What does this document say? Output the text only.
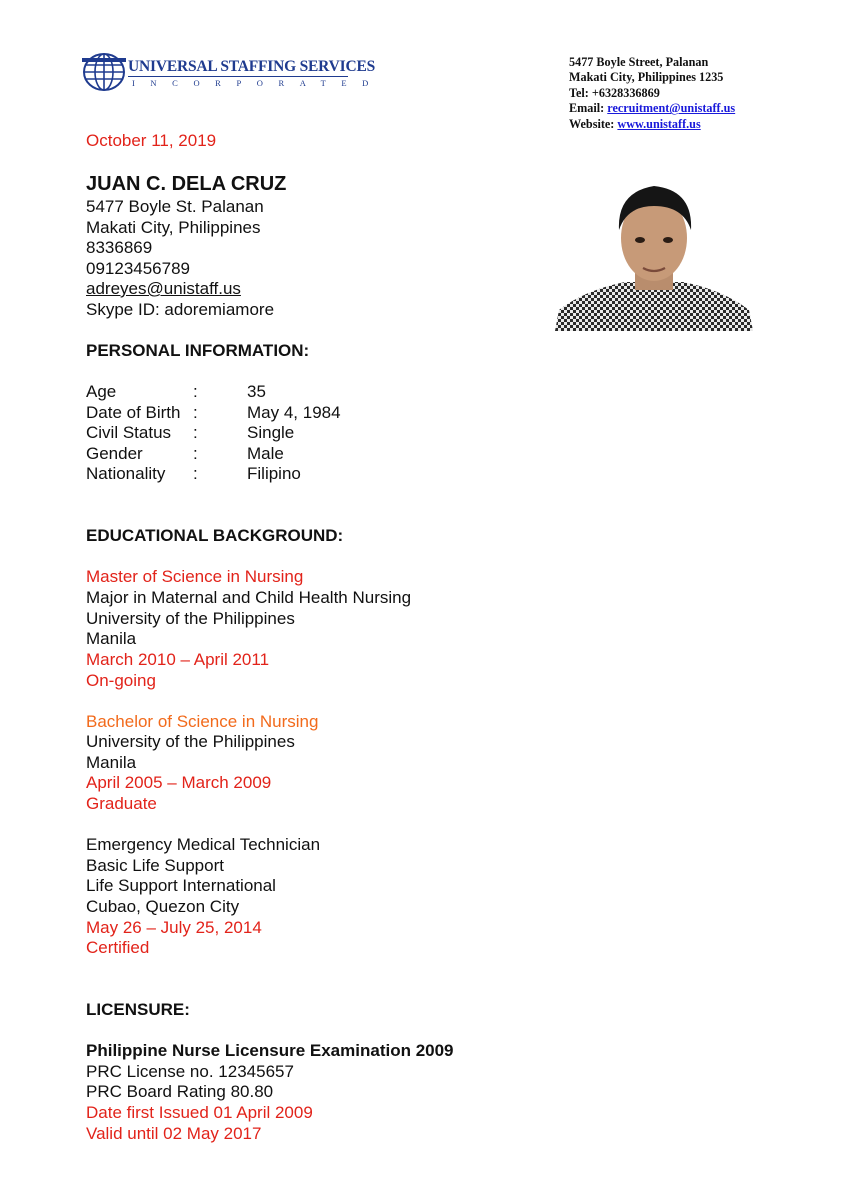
UNIVERSAL STAFFING SERVICES
INCORPORATED
5477 Boyle Street, Palanan
Makati City, Philippines 1235
Tel: +6328336869
Email: recruitment@unistaff.us
Website: www.unistaff.us
October 11, 2019
JUAN C. DELA CRUZ
5477 Boyle St. Palanan
Makati City, Philippines
8336869
09123456789
adreyes@unistaff.us
Skype ID: adoremiamore
PERSONAL INFORMATION:
Age	:	35
Date of Birth :	May 4, 1984
Civil Status :	Single
Gender	:	Male
Nationality :	Filipino
EDUCATIONAL BACKGROUND:
Master of Science in Nursing
Major in Maternal and Child Health Nursing
University of the Philippines
Manila
March 2010 – April 2011
On-going
Bachelor of Science in Nursing
University of the Philippines
Manila
April 2005 – March 2009
Graduate
Emergency Medical Technician
Basic Life Support
Life Support International
Cubao, Quezon City
May 26 – July 25, 2014
Certified
LICENSURE:
Philippine Nurse Licensure Examination 2009
PRC License no. 12345657
PRC Board Rating 80.80
Date first Issued 01 April 2009
Valid until 02 May 2017
